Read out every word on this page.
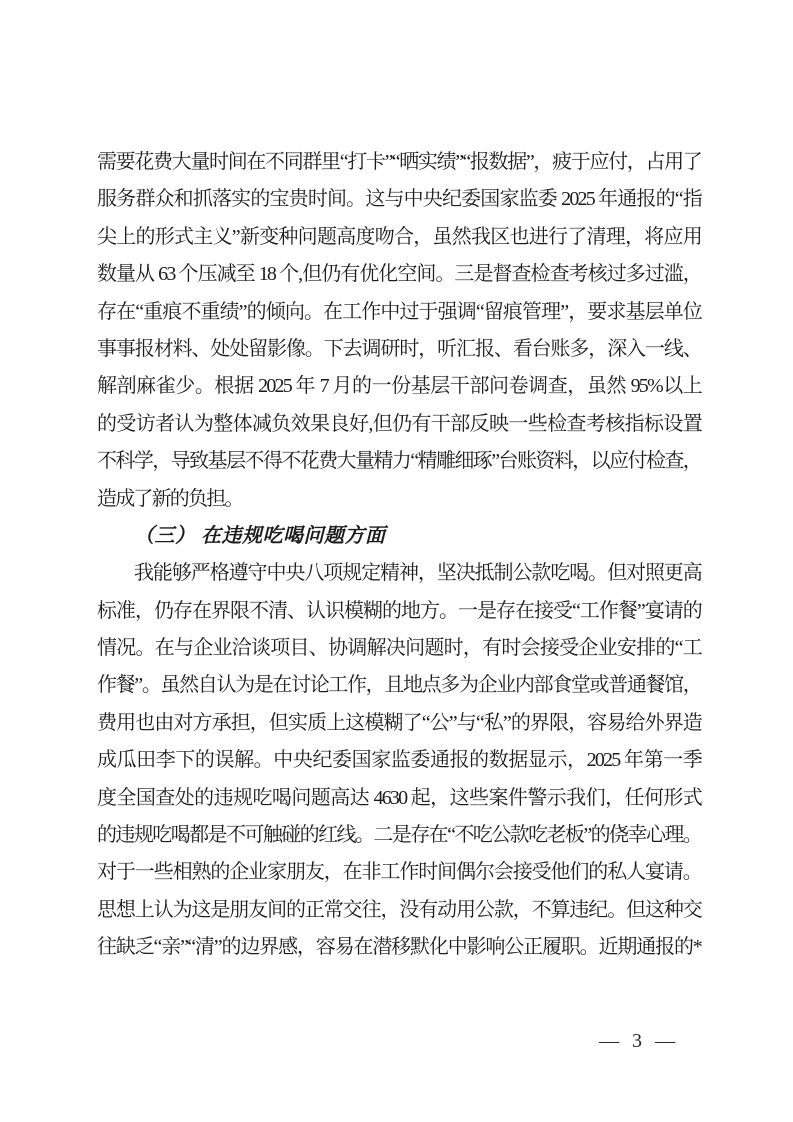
需要花费大量时间在不同群里“打卡”“晒实绩”“报数据”，疲于应付，占用了
服务群众和抓落实的宝贵时间。这与中央纪委国家监委 2025 年通报的“指
尖上的形式主义”新变种问题高度吻合，虽然我区也进行了清理，将应用
数量从 63 个压减至 18 个,但仍有优化空间。三是督查检查考核过多过滥，
存在“重痕不重绩”的倾向。在工作中过于强调“留痕管理”，要求基层单位
事事报材料、处处留影像。下去调研时，听汇报、看台账多，深入一线、
解剖麻雀少。根据 2025 年 7 月的一份基层干部问卷调查，虽然 95%以上
的受访者认为整体减负效果良好,但仍有干部反映一些检查考核指标设置
不科学，导致基层不得不花费大量精力“精雕细琢”台账资料，以应付检查，
造成了新的负担。
（三） 在违规吃喝问题方面
我能够严格遵守中央八项规定精神，坚决抵制公款吃喝。但对照更高
标准，仍存在界限不清、认识模糊的地方。一是存在接受“工作餐”宴请的
情况。在与企业洽谈项目、协调解决问题时，有时会接受企业安排的“工
作餐”。虽然自认为是在讨论工作，且地点多为企业内部食堂或普通餐馆，
费用也由对方承担，但实质上这模糊了“公”与“私”的界限，容易给外界造
成瓜田李下的误解。中央纪委国家监委通报的数据显示，2025 年第一季
度全国查处的违规吃喝问题高达 4630 起，这些案件警示我们，任何形式
的违规吃喝都是不可触碰的红线。二是存在“不吃公款吃老板”的侥幸心理。
对于一些相熟的企业家朋友，在非工作时间偶尔会接受他们的私人宴请。
思想上认为这是朋友间的正常交往，没有动用公款，不算违纪。但这种交
往缺乏“亲”“清”的边界感，容易在潜移默化中影响公正履职。近期通报的*
— 3 —
